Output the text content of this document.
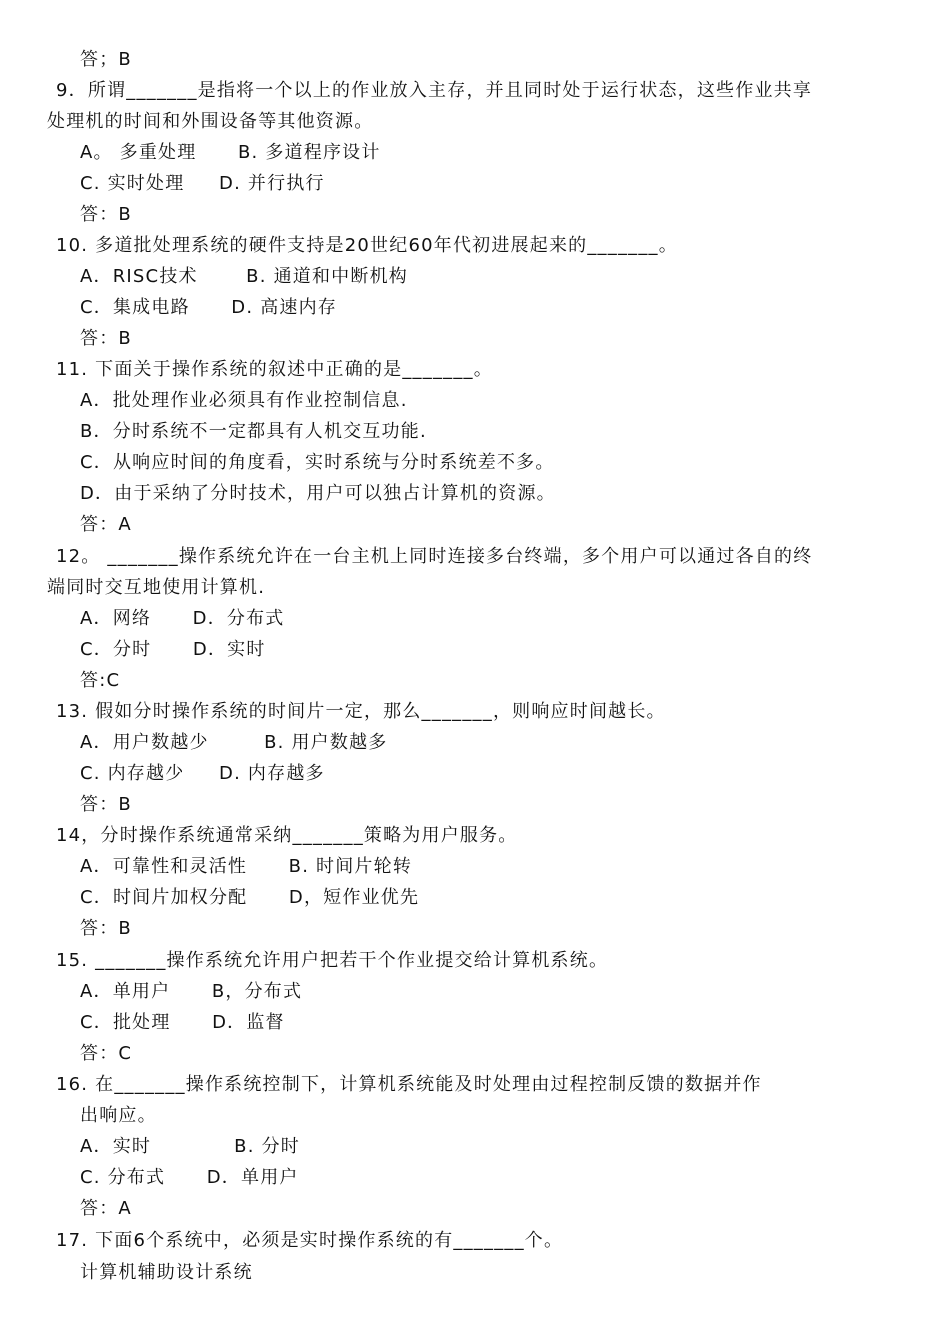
答；B
9．所谓_______是指将一个以上的作业放入主存，并且同时处于运行状态，这些作业共享
处理机的时间和外围设备等其他资源。
A。 多重处理      B. 多道程序设计
C. 实时处理     D. 并行执行
答：B
10. 多道批处理系统的硬件支持是20世纪60年代初进展起来的_______。
A．RISC技术       B. 通道和中断机构
C．集成电路      D. 高速内存
答：B
11. 下面关于操作系统的叙述中正确的是_______。
A．批处理作业必须具有作业控制信息.
B．分时系统不一定都具有人机交互功能.
C．从响应时间的角度看，实时系统与分时系统差不多。
D．由于采纳了分时技术，用户可以独占计算机的资源。
答：A
12。 _______操作系统允许在一台主机上同时连接多台终端，多个用户可以通过各自的终
端同时交互地使用计算机.
A．网络      D．分布式
C．分时      D．实时
答:C
13. 假如分时操作系统的时间片一定，那么_______，则响应时间越长。
A．用户数越少        B. 用户数越多
C. 内存越少     D. 内存越多
答：B
14，分时操作系统通常采纳_______策略为用户服务。
A．可靠性和灵活性      B. 时间片轮转
C．时间片加权分配      D，短作业优先
答：B
15. _______操作系统允许用户把若干个作业提交给计算机系统。
A．单用户      B，分布式
C．批处理      D．监督
答：C
16. 在_______操作系统控制下，计算机系统能及时处理由过程控制反馈的数据并作
出响应。
A．实时            B. 分时
C. 分布式      D．单用户
答：A
17. 下面6个系统中，必须是实时操作系统的有_______个。
计算机辅助设计系统
